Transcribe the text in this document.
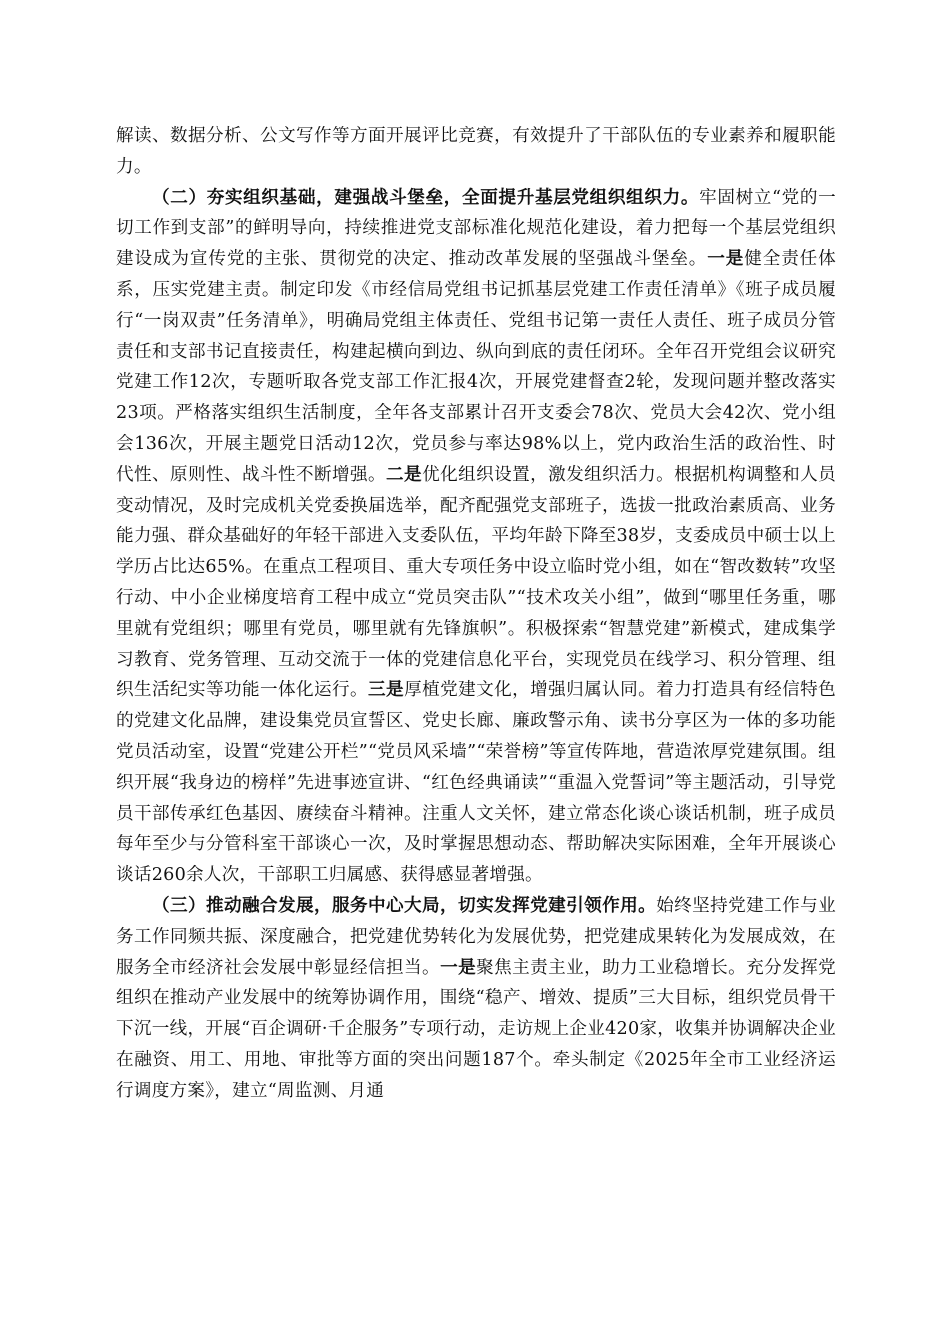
解读、数据分析、公文写作等方面开展评比竞赛，有效提升了干部队伍的专业素养和履职能力。

（二）夯实组织基础，建强战斗堡垒，全面提升基层党组织组织力。牢固树立“党的一切工作到支部”的鲜明导向，持续推进党支部标准化规范化建设，着力把每一个基层党组织建设成为宣传党的主张、贯彻党的决定、推动改革发展的坚强战斗堡垒。一是健全责任体系，压实党建主责。制定印发《市经信局党组书记抓基层党建工作责任清单》《班子成员履行“一岗双责”任务清单》，明确局党组主体责任、党组书记第一责任人责任、班子成员分管责任和支部书记直接责任，构建起横向到边、纵向到底的责任闭环。全年召开党组会议研究党建工作12次，专题听取各党支部工作汇报4次，开展党建督查2轮，发现问题并整改落实23项。严格落实组织生活制度，全年各支部累计召开支委会78次、党员大会42次、党小组会136次，开展主题党日活动12次，党员参与率达98%以上，党内政治生活的政治性、时代性、原则性、战斗性不断增强。二是优化组织设置，激发组织活力。根据机构调整和人员变动情况，及时完成机关党委换届选举，配齐配强党支部班子，选拔一批政治素质高、业务能力强、群众基础好的年轻干部进入支委队伍，平均年龄下降至38岁，支委成员中硕士以上学历占比达65%。在重点工程项目、重大专项任务中设立临时党小组，如在“智改数转”攻坚行动、中小企业梯度培育工程中成立“党员突击队”“技术攻关小组”，做到“哪里任务重，哪里就有党组织；哪里有党员，哪里就有先锋旗帜”。积极探索“智慧党建”新模式，建成集学习教育、党务管理、互动交流于一体的党建信息化平台，实现党员在线学习、积分管理、组织生活纪实等功能一体化运行。三是厚植党建文化，增强归属认同。着力打造具有经信特色的党建文化品牌，建设集党员宣誓区、党史长廊、廉政警示角、读书分享区为一体的多功能党员活动室，设置“党建公开栏”“党员风采墙”“荣誉榜”等宣传阵地，营造浓厚党建氛围。组织开展“我身边的榜样”先进事迹宣讲、“红色经典诵读”“重温入党誓词”等主题活动，引导党员干部传承红色基因、赓续奋斗精神。注重人文关怀，建立常态化谈心谈话机制，班子成员每年至少与分管科室干部谈心一次，及时掌握思想动态、帮助解决实际困难，全年开展谈心谈话260余人次，干部职工归属感、获得感显著增强。

（三）推动融合发展，服务中心大局，切实发挥党建引领作用。始终坚持党建工作与业务工作同频共振、深度融合，把党建优势转化为发展优势，把党建成果转化为发展成效，在服务全市经济社会发展中彰显经信担当。一是聚焦主责主业，助力工业稳增长。充分发挥党组织在推动产业发展中的统筹协调作用，围绕“稳产、增效、提质”三大目标，组织党员骨干下沉一线，开展“百企调研·千企服务”专项行动，走访规上企业420家，收集并协调解决企业在融资、用工、用地、审批等方面的突出问题187个。牵头制定《2025年全市工业经济运行调度方案》，建立“周监测、月通
